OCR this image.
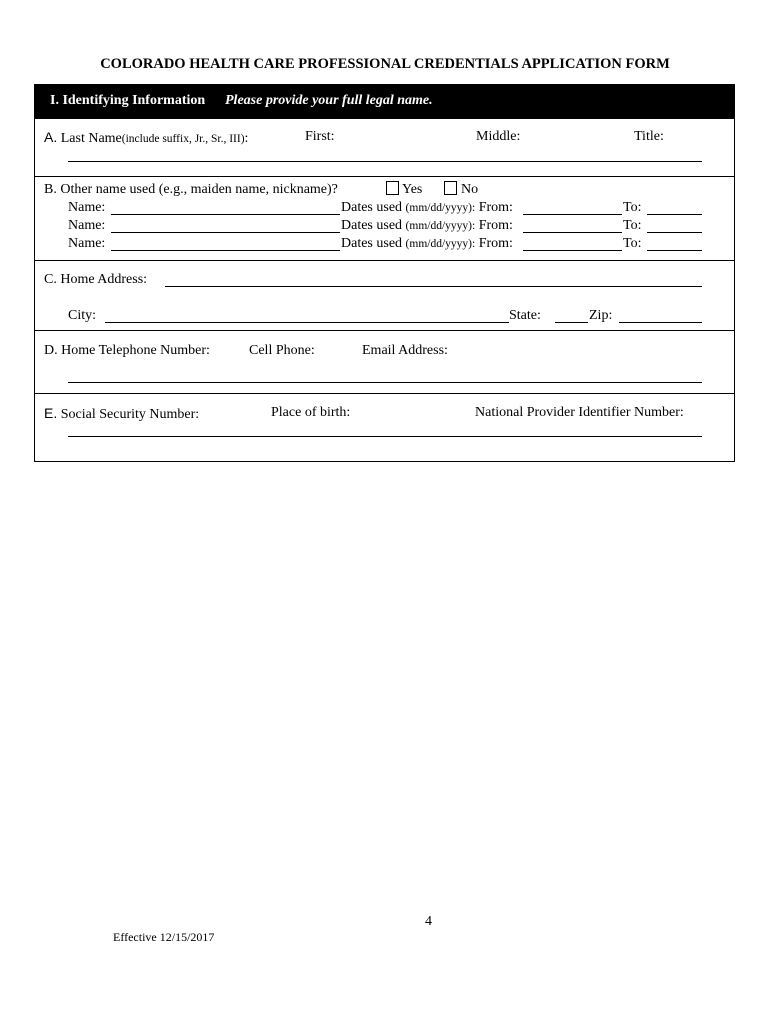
COLORADO HEALTH CARE PROFESSIONAL CREDENTIALS APPLICATION FORM
I. Identifying Information Please provide your full legal name.
A. Last Name(include suffix, Jr., Sr., III):	First:	Middle:	Title:
B. Other name used (e.g., maiden name, nickname)?	Yes	No
Name:	Dates used (mm/dd/yyyy): From:	To:
Name:	Dates used (mm/dd/yyyy): From:	To:
Name:	Dates used (mm/dd/yyyy): From:	To:
C. Home Address:
City:	State:	Zip:
D. Home Telephone Number:	Cell Phone:	Email Address:
E. Social Security Number:	Place of birth:	National Provider Identifier Number:
4
Effective 12/15/2017
